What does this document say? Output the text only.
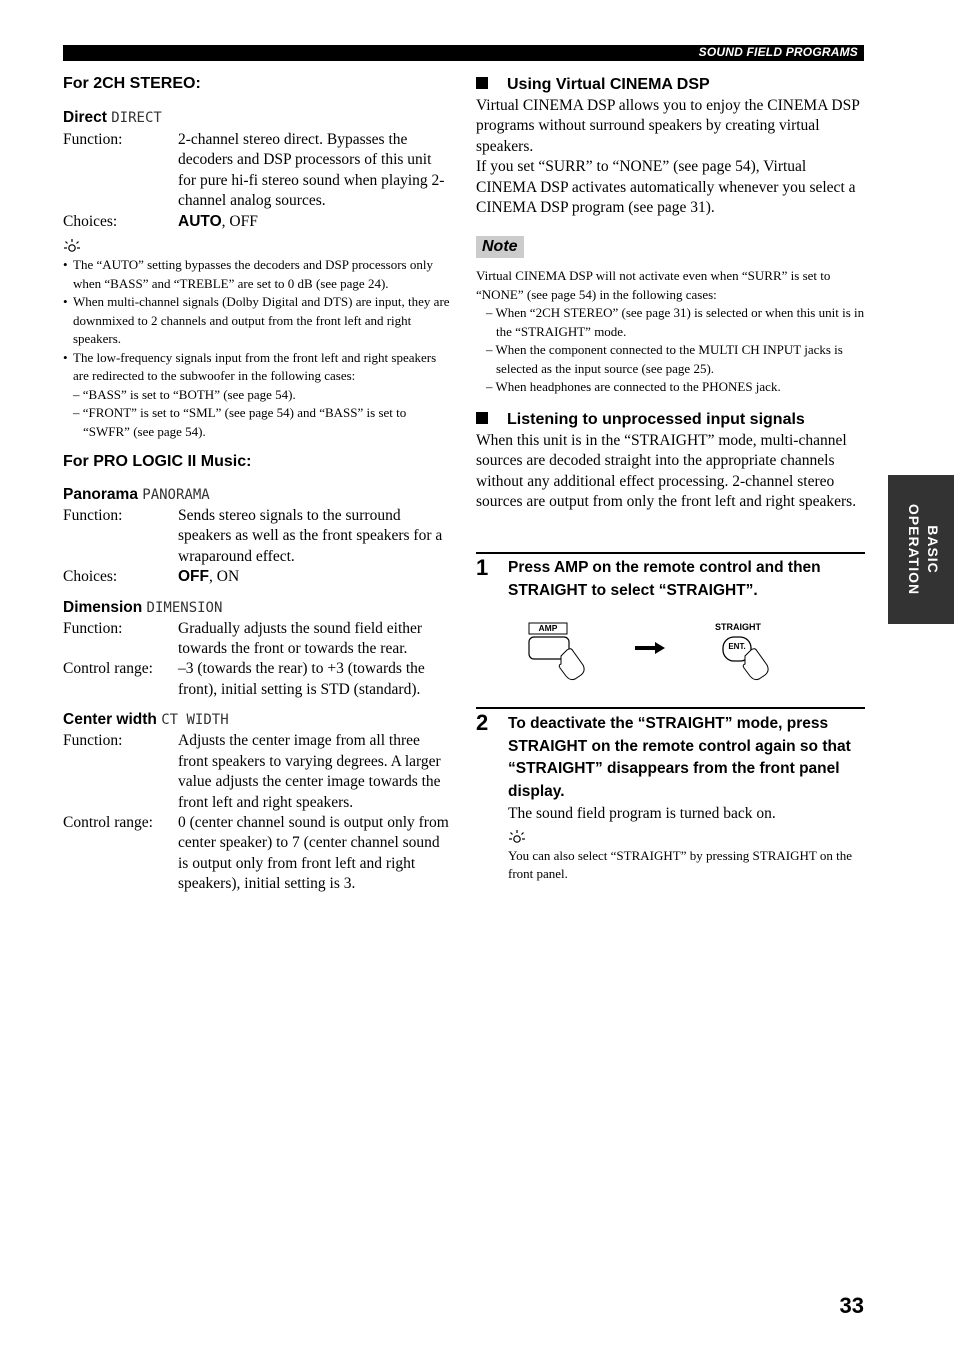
SOUND FIELD PROGRAMS
For 2CH STEREO:
Direct DIRECT
Function:	2-channel stereo direct. Bypasses the decoders and DSP processors of this unit for pure hi-fi stereo sound when playing 2-channel analog sources.
Choices:	AUTO, OFF
• The “AUTO” setting bypasses the decoders and DSP processors only when “BASS” and “TREBLE” are set to 0 dB (see page 24).
• When multi-channel signals (Dolby Digital and DTS) are input, they are downmixed to 2 channels and output from the front left and right speakers.
• The low-frequency signals input from the front left and right speakers are redirected to the subwoofer in the following cases:
– “BASS” is set to “BOTH” (see page 54).
– “FRONT” is set to “SML” (see page 54) and “BASS” is set to “SWFR” (see page 54).
For PRO LOGIC II Music:
Panorama PANORAMA
Function:	Sends stereo signals to the surround speakers as well as the front speakers for a wraparound effect.
Choices:	OFF, ON
Dimension DIMENSION
Function:	Gradually adjusts the sound field either towards the front or towards the rear.
Control range:	–3 (towards the rear) to +3 (towards the front), initial setting is STD (standard).
Center width CT WIDTH
Function:	Adjusts the center image from all three front speakers to varying degrees. A larger value adjusts the center image towards the front left and right speakers.
Control range:	0 (center channel sound is output only from center speaker) to 7 (center channel sound is output only from front left and right speakers), initial setting is 3.
Using Virtual CINEMA DSP
Virtual CINEMA DSP allows you to enjoy the CINEMA DSP programs without surround speakers by creating virtual speakers.
If you set “SURR” to “NONE” (see page 54), Virtual CINEMA DSP activates automatically whenever you select a CINEMA DSP program (see page 31).
Note
Virtual CINEMA DSP will not activate even when “SURR” is set to “NONE” (see page 54) in the following cases:
– When “2CH STEREO” (see page 31) is selected or when this unit is in the “STRAIGHT” mode.
– When the component connected to the MULTI CH INPUT jacks is selected as the input source (see page 25).
– When headphones are connected to the PHONES jack.
Listening to unprocessed input signals
When this unit is in the “STRAIGHT” mode, multi-channel sources are decoded straight into the appropriate channels without any additional effect processing. 2-channel stereo sources are output from only the front left and right speakers.
1 Press AMP on the remote control and then STRAIGHT to select “STRAIGHT”.
AMP	STRAIGHT
ENT.
2 To deactivate the “STRAIGHT” mode, press STRAIGHT on the remote control again so that “STRAIGHT” disappears from the front panel display.
The sound field program is turned back on.
You can also select “STRAIGHT” by pressing STRAIGHT on the front panel.
BASIC
OPERATION
33
